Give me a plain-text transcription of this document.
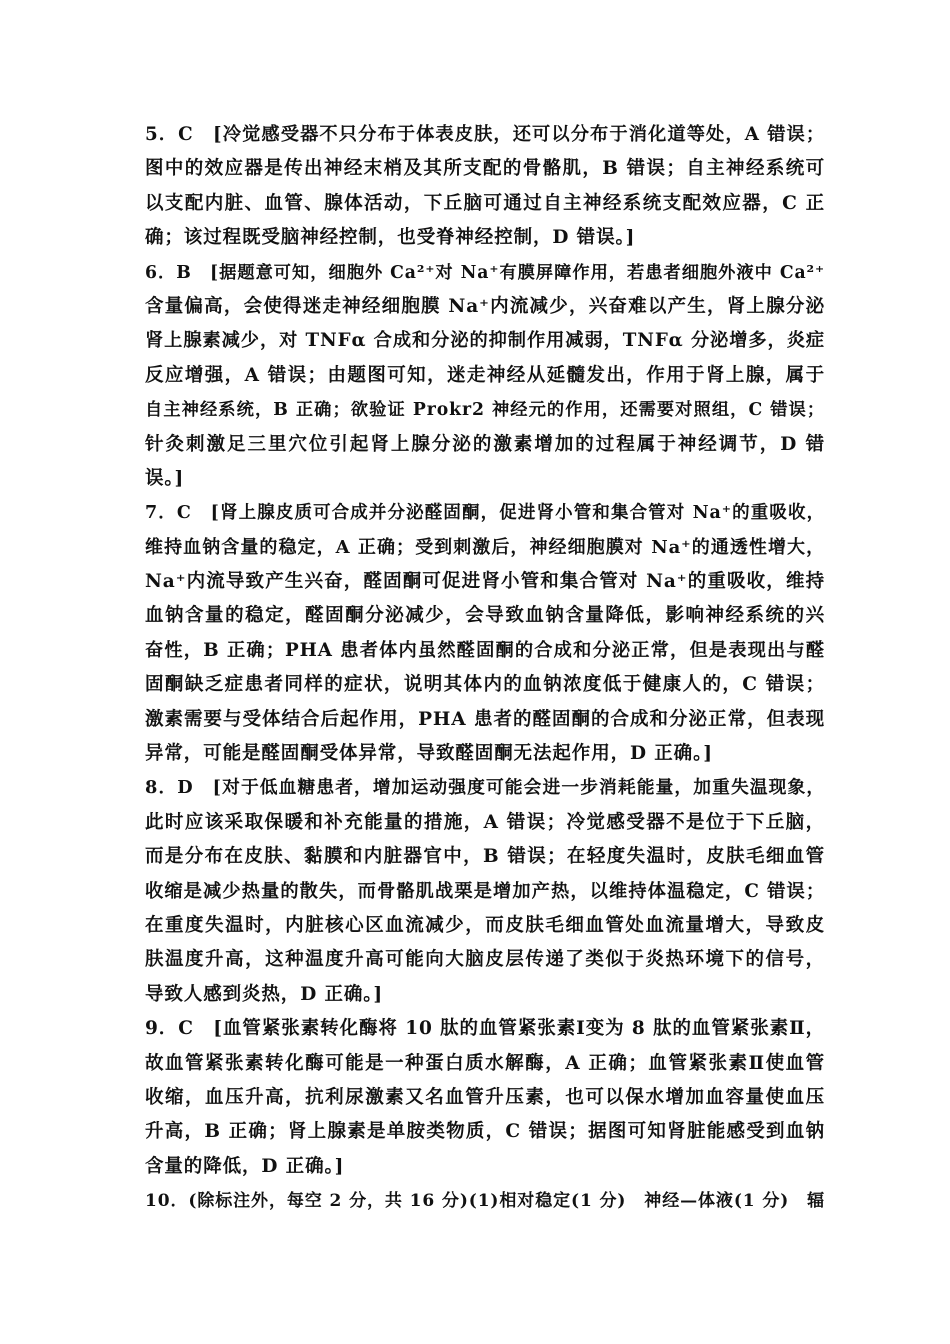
5．C　[冷觉感受器不只分布于体表皮肤，还可以分布于消化道等处，A 错误；
图中的效应器是传出神经末梢及其所支配的骨骼肌，B 错误；自主神经系统可
以支配内脏、血管、腺体活动，下丘脑可通过自主神经系统支配效应器，C 正
确；该过程既受脑神经控制，也受脊神经控制，D 错误。]
6．B　[据题意可知，细胞外 Ca²⁺对 Na⁺有膜屏障作用，若患者细胞外液中 Ca²⁺
含量偏高，会使得迷走神经细胞膜 Na⁺内流减少，兴奋难以产生，肾上腺分泌
肾上腺素减少，对 TNFα 合成和分泌的抑制作用减弱，TNFα 分泌增多，炎症
反应增强，A 错误；由题图可知，迷走神经从延髓发出，作用于肾上腺，属于
自主神经系统，B 正确；欲验证 Prokr2 神经元的作用，还需要对照组，C 错误；
针灸刺激足三里穴位引起肾上腺分泌的激素增加的过程属于神经调节，D 错
误。]
7．C　[肾上腺皮质可合成并分泌醛固酮，促进肾小管和集合管对 Na⁺的重吸收，
维持血钠含量的稳定，A 正确；受到刺激后，神经细胞膜对 Na⁺的通透性增大，
Na⁺内流导致产生兴奋，醛固酮可促进肾小管和集合管对 Na⁺的重吸收，维持
血钠含量的稳定，醛固酮分泌减少，会导致血钠含量降低，影响神经系统的兴
奋性，B 正确；PHA 患者体内虽然醛固酮的合成和分泌正常，但是表现出与醛
固酮缺乏症患者同样的症状，说明其体内的血钠浓度低于健康人的，C 错误；
激素需要与受体结合后起作用，PHA 患者的醛固酮的合成和分泌正常，但表现
异常，可能是醛固酮受体异常，导致醛固酮无法起作用，D 正确。]
8．D　[对于低血糖患者，增加运动强度可能会进一步消耗能量，加重失温现象，
此时应该采取保暖和补充能量的措施，A 错误；冷觉感受器不是位于下丘脑，
而是分布在皮肤、黏膜和内脏器官中，B 错误；在轻度失温时，皮肤毛细血管
收缩是减少热量的散失，而骨骼肌战栗是增加产热，以维持体温稳定，C 错误；
在重度失温时，内脏核心区血流减少，而皮肤毛细血管处血流量增大，导致皮
肤温度升高，这种温度升高可能向大脑皮层传递了类似于炎热环境下的信号，
导致人感到炎热，D 正确。]
9．C　[血管紧张素转化酶将 10 肽的血管紧张素Ⅰ变为 8 肽的血管紧张素Ⅱ，
故血管紧张素转化酶可能是一种蛋白质水解酶，A 正确；血管紧张素Ⅱ使血管
收缩，血压升高，抗利尿激素又名血管升压素，也可以保水增加血容量使血压
升高，B 正确；肾上腺素是单胺类物质，C 错误；据图可知肾脏能感受到血钠
含量的降低，D 正确。]
10．(除标注外，每空 2 分，共 16 分)(1)相对稳定(1 分)　神经—体液(1 分)　辐
